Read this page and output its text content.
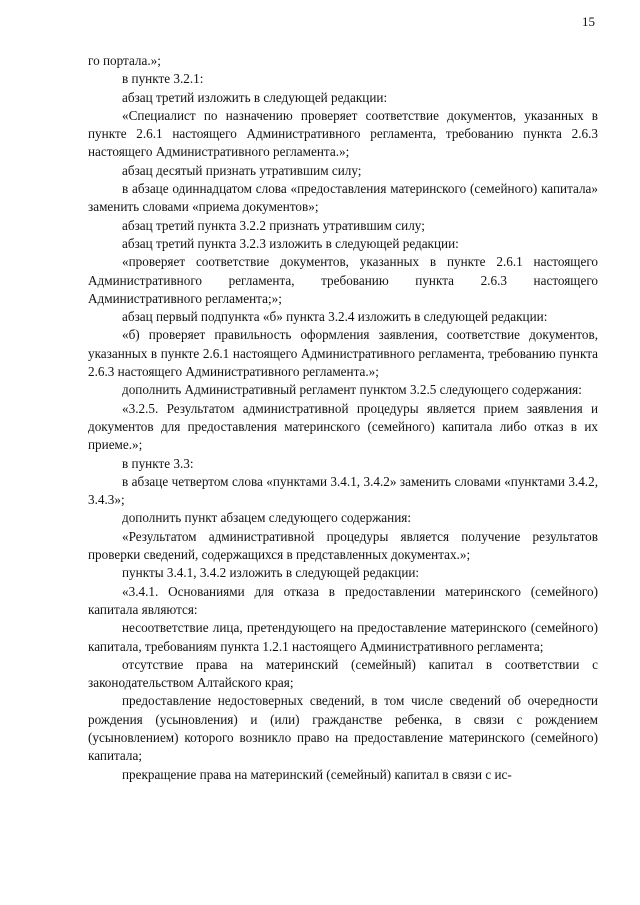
15

го портала.»;

в пункте 3.2.1:

абзац третий изложить в следующей редакции:

«Специалист по назначению проверяет соответствие документов, указанных в пункте 2.6.1 настоящего Административного регламента, требованию пункта 2.6.3 настоящего Административного регламента.»;

абзац десятый признать утратившим силу;

в абзаце одиннадцатом слова «предоставления материнского (семейного) капитала» заменить словами «приема документов»;

абзац третий пункта 3.2.2 признать утратившим силу;

абзац третий пункта 3.2.3 изложить в следующей редакции:

«проверяет соответствие документов, указанных в пункте 2.6.1 настоящего Административного регламента, требованию пункта 2.6.3 настоящего Административного регламента;»;

абзац первый подпункта «б» пункта 3.2.4 изложить в следующей редакции:

«б) проверяет правильность оформления заявления, соответствие документов, указанных в пункте 2.6.1 настоящего Административного регламента, требованию пункта 2.6.3 настоящего Административного регламента.»;

дополнить Административный регламент пунктом 3.2.5 следующего содержания:

«3.2.5. Результатом административной процедуры является прием заявления и документов для предоставления материнского (семейного) капитала либо отказ в их приеме.»;

в пункте 3.3:

в абзаце четвертом слова «пунктами 3.4.1, 3.4.2» заменить словами «пунктами 3.4.2, 3.4.3»;

дополнить пункт абзацем следующего содержания:

«Результатом административной процедуры является получение результатов проверки сведений, содержащихся в представленных документах.»;

пункты 3.4.1, 3.4.2 изложить в следующей редакции:

«3.4.1. Основаниями для отказа в предоставлении материнского (семейного) капитала являются:

несоответствие лица, претендующего на предоставление материнского (семейного) капитала, требованиям пункта 1.2.1 настоящего Административного регламента;

отсутствие права на материнский (семейный) капитал в соответствии с законодательством Алтайского края;

предоставление недостоверных сведений, в том числе сведений об очередности рождения (усыновления) и (или) гражданстве ребенка, в связи с рождением (усыновлением) которого возникло право на предоставление материнского (семейного) капитала;

прекращение права на материнский (семейный) капитал в связи с ис-
